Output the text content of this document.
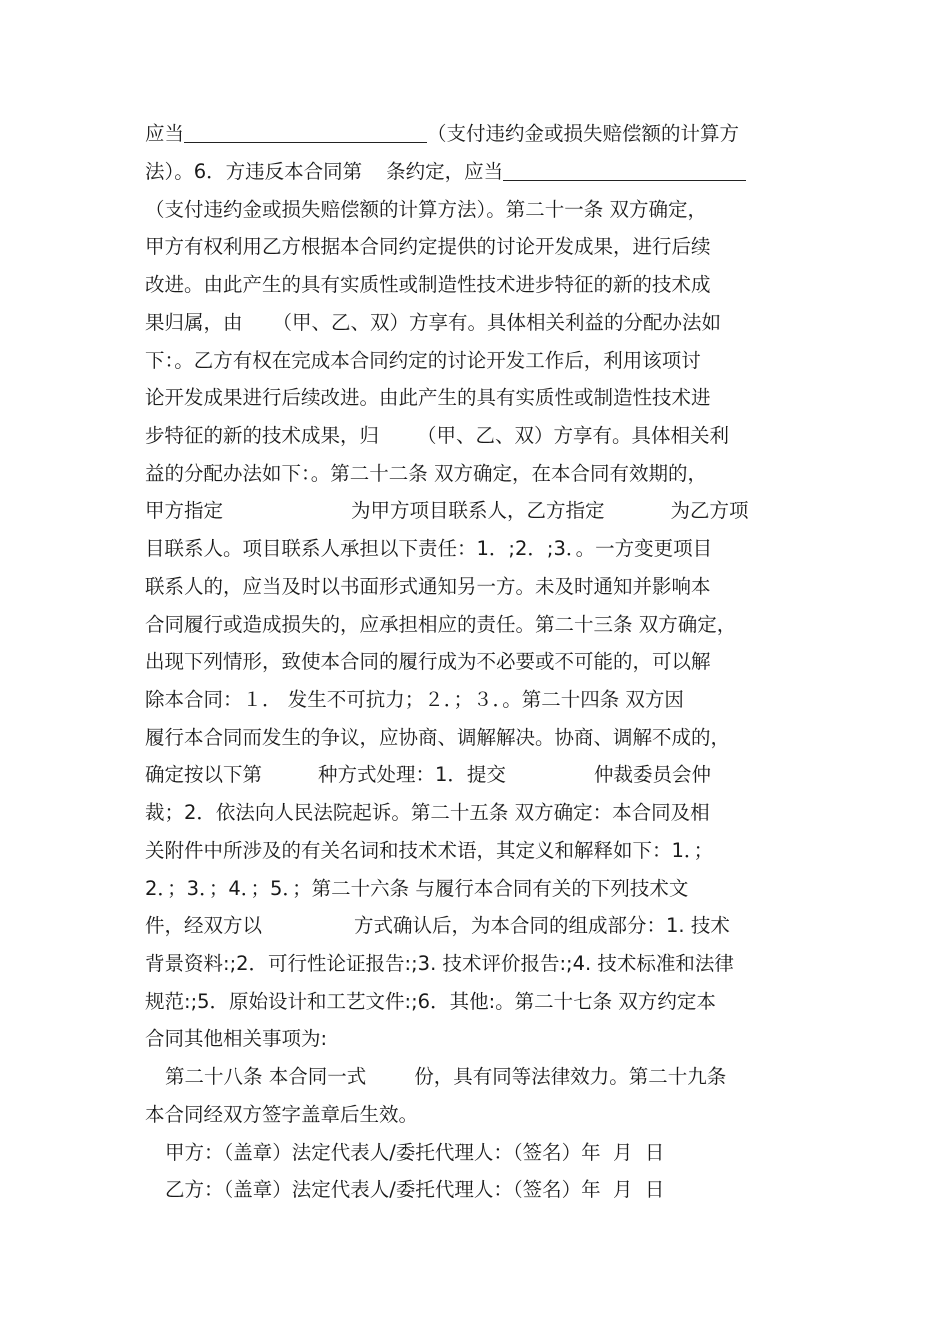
应当	（支付违约金或损失赔偿额的计算方
法）。6．方违反本合同第 条约定，应当
（支付违约金或损失赔偿额的计算方法）。第二十一条 双方确定，
甲方有权利用乙方根据本合同约定提供的讨论开发成果，进行后续
改进。由此产生的具有实质性或制造性技术进步特征的新的技术成
果归属，由 （甲、乙、双）方享有。具体相关利益的分配办法如
下：。乙方有权在完成本合同约定的讨论开发工作后，利用该项讨
论开发成果进行后续改进。由此产生的具有实质性或制造性技术进
步特征的新的技术成果，归 （甲、乙、双）方享有。具体相关利
益的分配办法如下：。第二十二条 双方确定，在本合同有效期的，
甲方指定	为甲方项目联系人，乙方指定	为乙方项
目联系人。项目联系人承担以下责任：1．;2．;3．。一方变更项目
联系人的，应当及时以书面形式通知另一方。未及时通知并影响本
合同履行或造成损失的，应承担相应的责任。第二十三条 双方确定，
出现下列情形，致使本合同的履行成为不必要或不可能的，可以解
除本合同：１． 发生不可抗力；２．；３．。第二十四条 双方因
履行本合同而发生的争议，应协商、调解解决。协商、调解不成的，
确定按以下第	种方式处理：1．提交	仲裁委员会仲
裁；2．依法向人民法院起诉。第二十五条 双方确定：本合同及相
关附件中所涉及的有关名词和技术术语，其定义和解释如下：1．；
2．；3．；4．；5．；第二十六条 与履行本合同有关的下列技术文
件，经双方以	方式确认后，为本合同的组成部分：1. 技术
背景资料:;2．可行性论证报告:;3. 技术评价报告:;4. 技术标准和法律
规范:;5．原始设计和工艺文件:;6．其他:。第二十七条 双方约定本
合同其他相关事项为:
第二十八条 本合同一式 份，具有同等法律效力。第二十九条
本合同经双方签字盖章后生效。
甲方：（盖章）法定代表人/委托代理人：（签名）年  月  日
乙方：（盖章）法定代表人/委托代理人：（签名）年  月  日
